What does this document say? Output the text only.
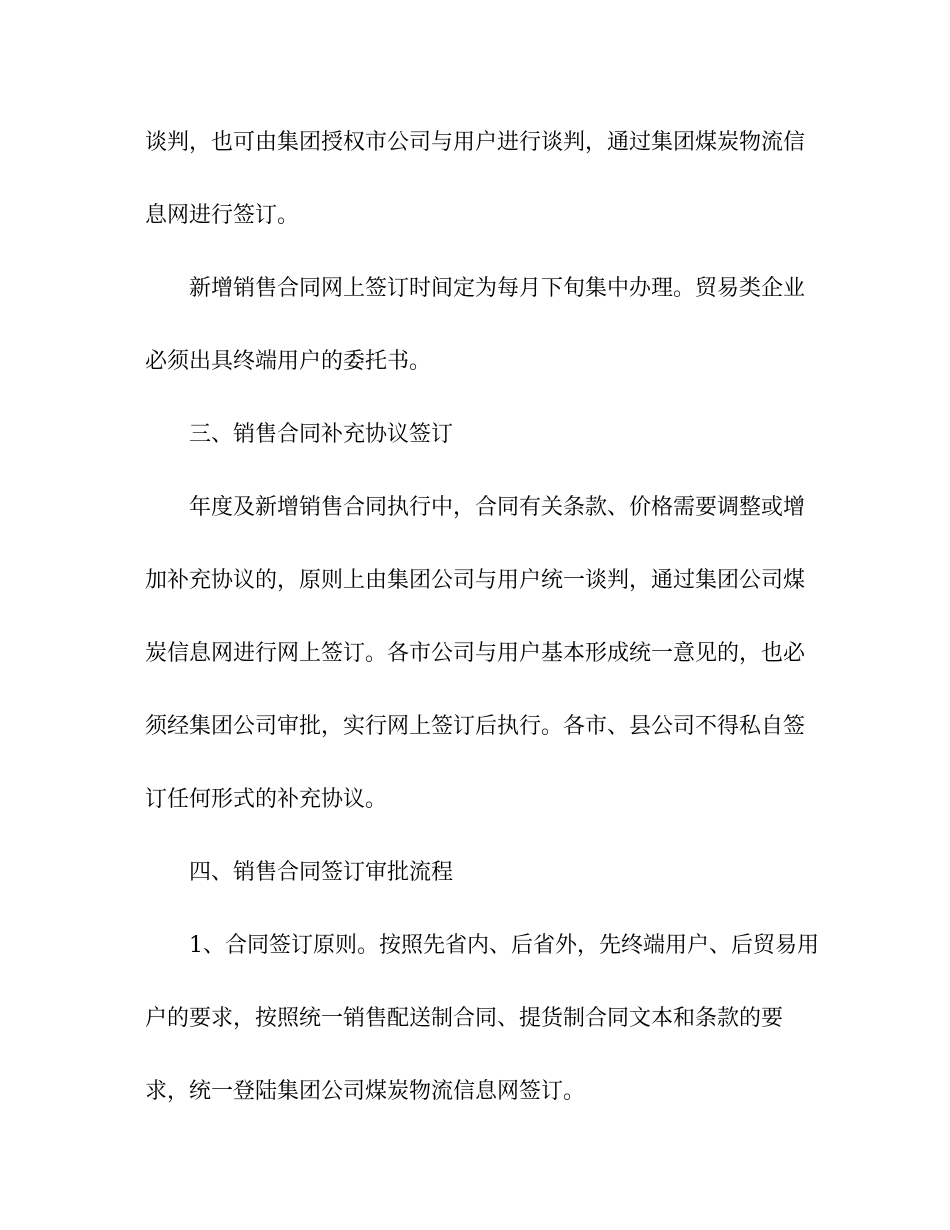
谈判，也可由集团授权市公司与用户进行谈判，通过集团煤炭物流信
息网进行签订。
新增销售合同网上签订时间定为每月下旬集中办理。贸易类企业
必须出具终端用户的委托书。
三、销售合同补充协议签订
年度及新增销售合同执行中，合同有关条款、价格需要调整或增
加补充协议的，原则上由集团公司与用户统一谈判，通过集团公司煤
炭信息网进行网上签订。各市公司与用户基本形成统一意见的，也必
须经集团公司审批，实行网上签订后执行。各市、县公司不得私自签
订任何形式的补充协议。
四、销售合同签订审批流程
1、合同签订原则。按照先省内、后省外，先终端用户、后贸易用
户的要求，按照统一销售配送制合同、提货制合同文本和条款的要
求，统一登陆集团公司煤炭物流信息网签订。
